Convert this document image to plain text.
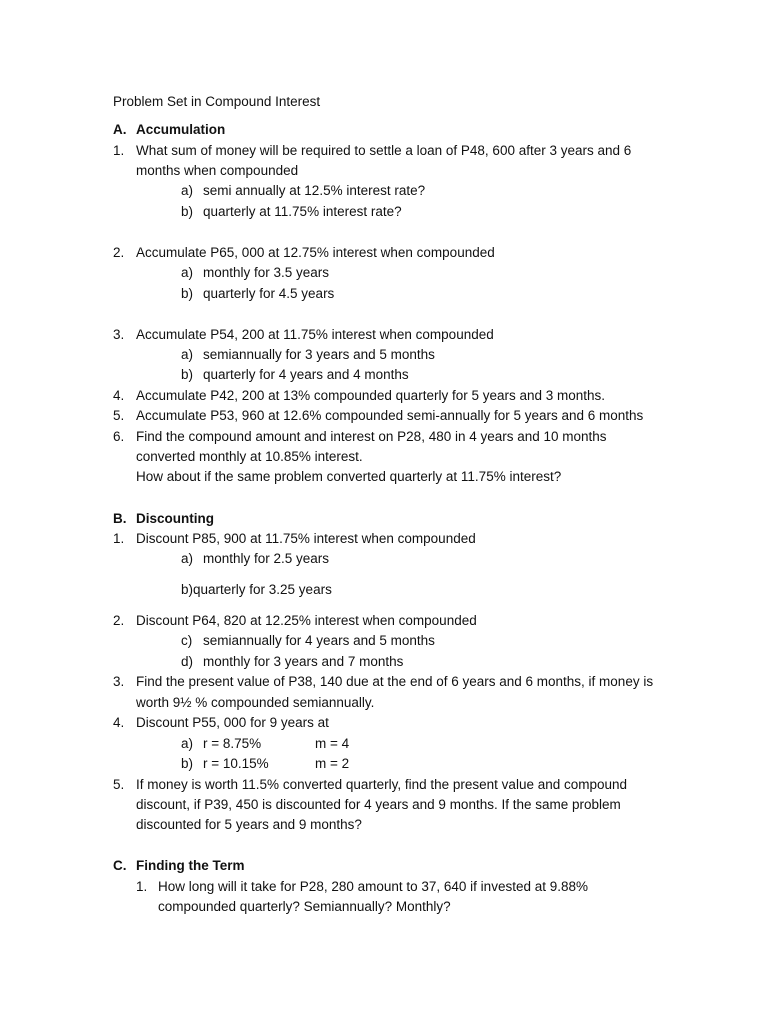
Problem Set in Compound Interest
A. Accumulation
1. What sum of money will be required to settle a loan of P48, 600 after 3 years and 6
months when compounded
a) semi annually at 12.5% interest rate?
b) quarterly at 11.75% interest rate?
2. Accumulate P65, 000 at 12.75% interest when compounded
a) monthly for 3.5 years
b) quarterly for 4.5 years
3. Accumulate P54, 200 at 11.75% interest when compounded
a) semiannually for 3 years and 5 months
b) quarterly for 4 years and 4 months
4. Accumulate P42, 200 at 13% compounded quarterly for 5 years and 3 months.
5. Accumulate P53, 960 at 12.6% compounded semi-annually for 5 years and 6 months
6. Find the compound amount and interest on P28, 480 in 4 years and 10 months
converted monthly at 10.85% interest.
How about if the same problem converted quarterly at 11.75% interest?
B. Discounting
1. Discount P85, 900 at 11.75% interest when compounded
a) monthly for 2.5 years
b)quarterly for 3.25 years
2. Discount P64, 820 at 12.25% interest when compounded
c) semiannually for 4 years and 5 months
d) monthly for 3 years and 7 months
3. Find the present value of P38, 140 due at the end of 6 years and 6 months, if money is
worth 9½ % compounded semiannually.
4. Discount P55, 000 for 9 years at
a) r = 8.75%	m = 4
b) r = 10.15%	m = 2
5. If money is worth 11.5% converted quarterly, find the present value and compound
discount, if P39, 450 is discounted for 4 years and 9 months. If the same problem
discounted for 5 years and 9 months?
C. Finding the Term
1. How long will it take for P28, 280 amount to 37, 640 if invested at 9.88%
compounded quarterly? Semiannually? Monthly?
